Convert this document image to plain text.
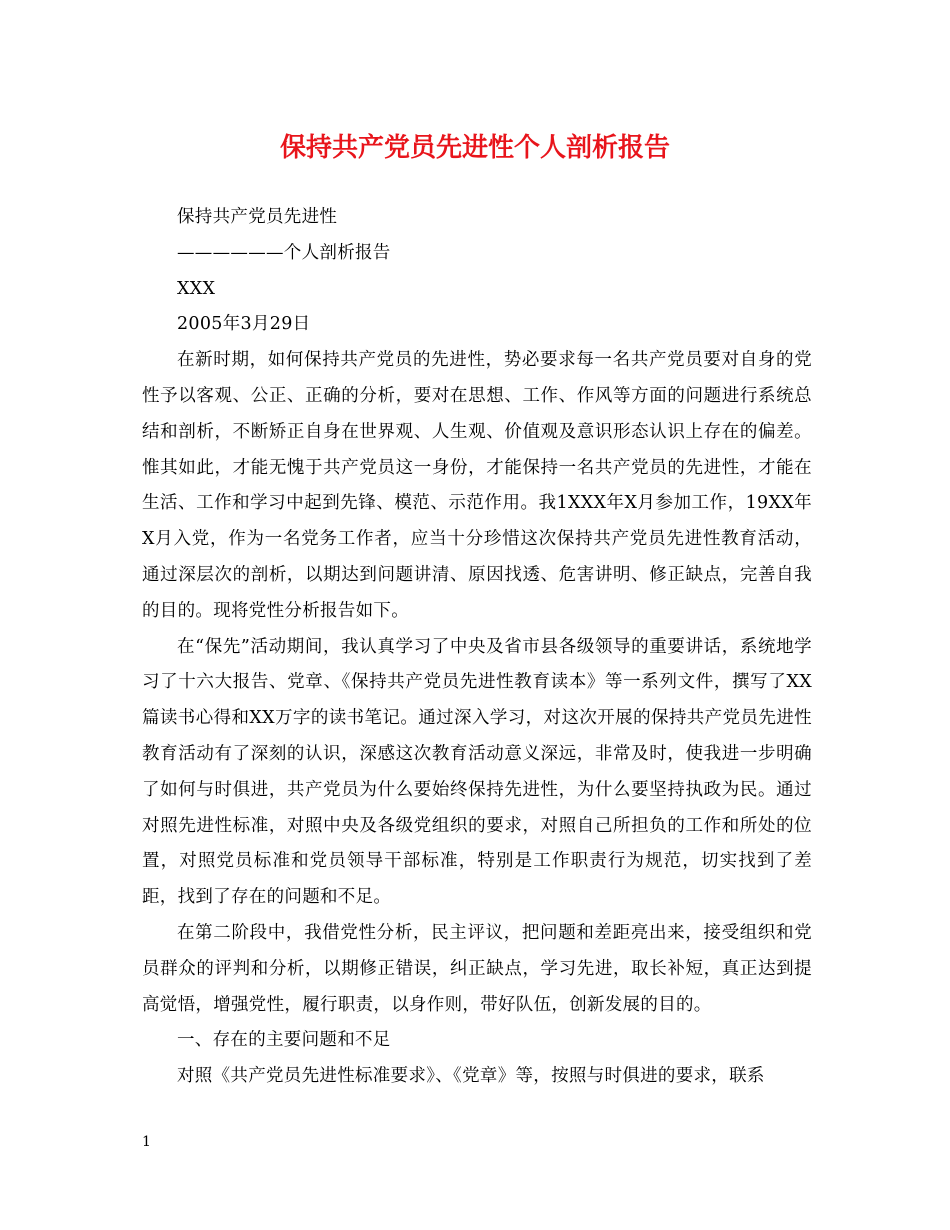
保持共产党员先进性个人剖析报告

保持共产党员先进性

——————个人剖析报告

XXX

2005年3月29日

在新时期，如何保持共产党员的先进性，势必要求每一名共产党员要对自身的党性予以客观、公正、正确的分析，要对在思想、工作、作风等方面的问题进行系统总结和剖析，不断矫正自身在世界观、人生观、价值观及意识形态认识上存在的偏差。惟其如此，才能无愧于共产党员这一身份，才能保持一名共产党员的先进性，才能在生活、工作和学习中起到先锋、模范、示范作用。我1XXX年X月参加工作，19XX年X月入党，作为一名党务工作者，应当十分珍惜这次保持共产党员先进性教育活动，通过深层次的剖析，以期达到问题讲清、原因找透、危害讲明、修正缺点，完善自我的目的。现将党性分析报告如下。

在“保先”活动期间，我认真学习了中央及省市县各级领导的重要讲话，系统地学习了十六大报告、党章、《保持共产党员先进性教育读本》等一系列文件，撰写了XX篇读书心得和XX万字的读书笔记。通过深入学习，对这次开展的保持共产党员先进性教育活动有了深刻的认识，深感这次教育活动意义深远，非常及时，使我进一步明确了如何与时俱进，共产党员为什么要始终保持先进性，为什么要坚持执政为民。通过对照先进性标准，对照中央及各级党组织的要求，对照自己所担负的工作和所处的位置，对照党员标准和党员领导干部标准，特别是工作职责行为规范，切实找到了差距，找到了存在的问题和不足。

在第二阶段中，我借党性分析，民主评议，把问题和差距亮出来，接受组织和党员群众的评判和分析，以期修正错误，纠正缺点，学习先进，取长补短，真正达到提高觉悟，增强党性，履行职责，以身作则，带好队伍，创新发展的目的。

一、存在的主要问题和不足

对照《共产党员先进性标准要求》、《党章》等，按照与时俱进的要求，联系

1
